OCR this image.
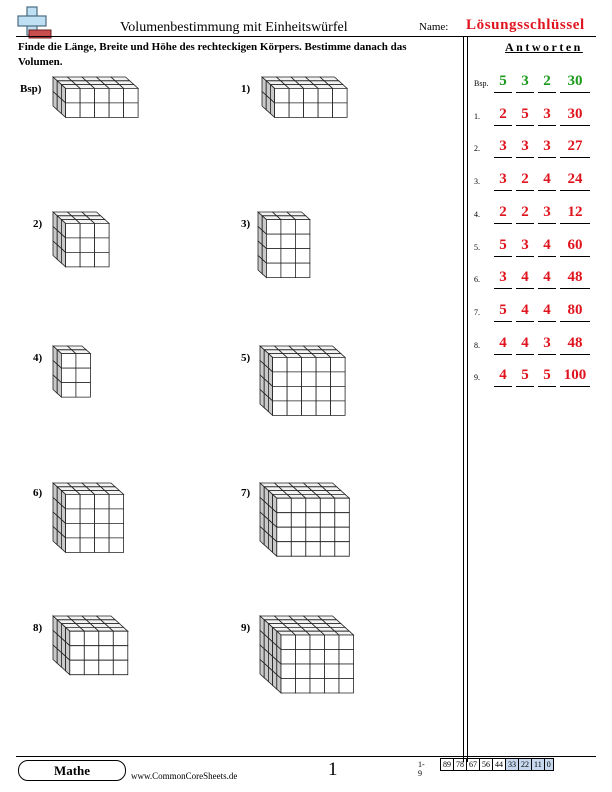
Volumenbestimmung mit Einheitswürfel	Name: Lösungsschlüssel
Finde die Länge, Breite und Höhe des rechteckigen Körpers. Bestimme danach das Volumen.
Bsp)	1)
2)	3)
4)	5)
6)	7)
8)	9)
Antworten
Bsp. 5 3 2	30
1.	2 5 3	30
2.	3 3 3	27
3.	3 2 4	24
4.	2 2 3	12
5.	5 3 4	60
6.	3 4 4	48
7.	5 4 4	80
8.	4 4 3	48
9.	4 5 5 100
Mathe	www.CommonCoreSheets.de	1	1-9
89	78	67	56	44	33	22	11	0
